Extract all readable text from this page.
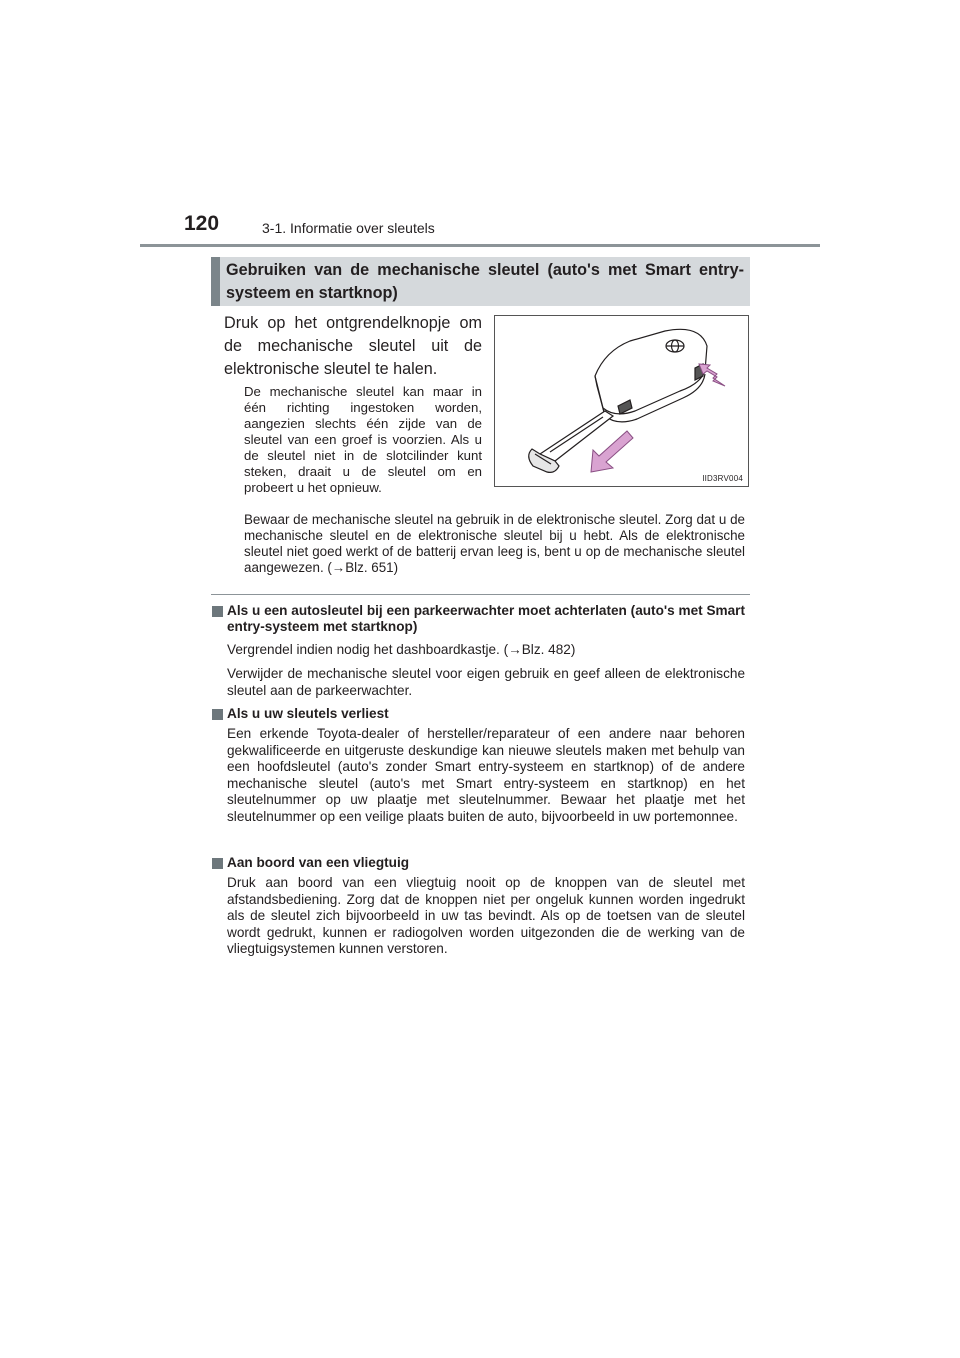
120	3-1. Informatie over sleutels
Gebruiken van de mechanische sleutel (auto's met Smart entry-systeem en startknop)
Druk op het ontgrendelknopje om de mechanische sleutel uit de elektronische sleutel te halen.
De mechanische sleutel kan maar in één richting ingestoken worden, aangezien slechts één zijde van de sleutel van een groef is voorzien. Als u de sleutel niet in de slotcilinder kunt steken, draait u de sleutel om en probeert u het opnieuw.
IID3RV004
Bewaar de mechanische sleutel na gebruik in de elektronische sleutel. Zorg dat u de mechanische sleutel en de elektronische sleutel bij u hebt. Als de elektronische sleutel niet goed werkt of de batterij ervan leeg is, bent u op de mechanische sleutel aangewezen. (→Blz. 651)
Als u een autosleutel bij een parkeerwachter moet achterlaten (auto's met Smart entry-systeem met startknop)
Vergrendel indien nodig het dashboardkastje. (→Blz. 482)
Verwijder de mechanische sleutel voor eigen gebruik en geef alleen de elektronische sleutel aan de parkeerwachter.
Als u uw sleutels verliest
Een erkende Toyota-dealer of hersteller/reparateur of een andere naar behoren gekwalificeerde en uitgeruste deskundige kan nieuwe sleutels maken met behulp van een hoofdsleutel (auto's zonder Smart entry-systeem en startknop) of de andere mechanische sleutel (auto's met Smart entry-systeem en startknop) en het sleutelnummer op uw plaatje met sleutelnummer. Bewaar het plaatje met het sleutelnummer op een veilige plaats buiten de auto, bijvoorbeeld in uw portemonnee.
Aan boord van een vliegtuig
Druk aan boord van een vliegtuig nooit op de knoppen van de sleutel met afstandsbediening. Zorg dat de knoppen niet per ongeluk kunnen worden ingedrukt als de sleutel zich bijvoorbeeld in uw tas bevindt. Als op de toetsen van de sleutel wordt gedrukt, kunnen er radiogolven worden uitgezonden die de werking van de vliegtuigsystemen kunnen verstoren.
